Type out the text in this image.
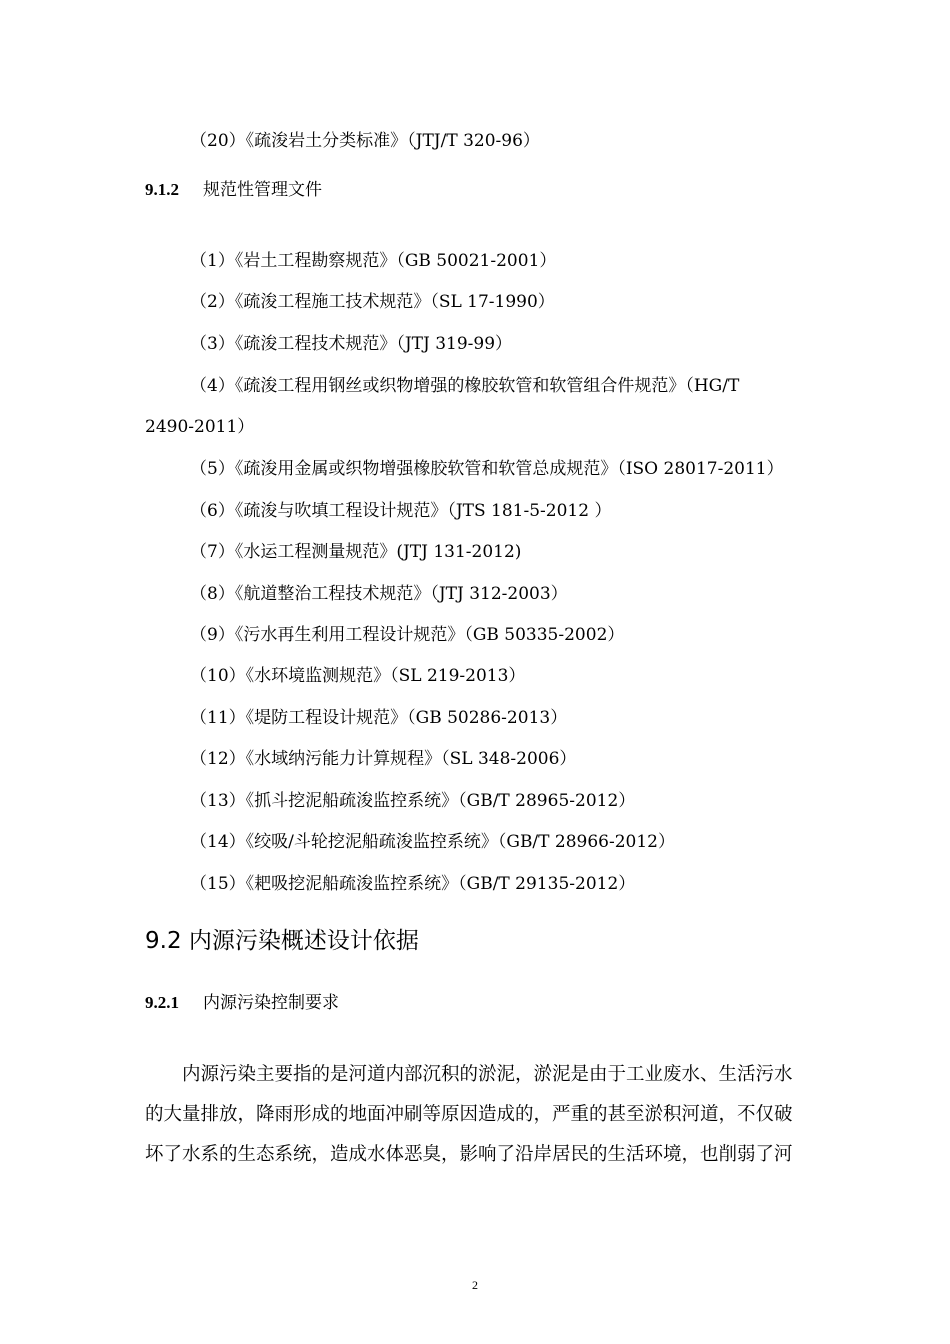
（20）《疏浚岩土分类标准》（JTJ/T 320-96）
9.1.2 规范性管理文件
（1）《岩土工程勘察规范》（GB 50021-2001）
（2）《疏浚工程施工技术规范》（SL 17-1990）
（3）《疏浚工程技术规范》（JTJ 319-99）
（4）《疏浚工程用钢丝或织物增强的橡胶软管和软管组合件规范》（HG/T
2490-2011）
（5）《疏浚用金属或织物增强橡胶软管和软管总成规范》（ISO 28017-2011）
（6）《疏浚与吹填工程设计规范》（JTS 181-5-2012 ）
（7）《水运工程测量规范》(JTJ 131-2012)
（8）《航道整治工程技术规范》（JTJ 312-2003）
（9）《污水再生利用工程设计规范》（GB 50335-2002）
（10）《水环境监测规范》（SL 219-2013）
（11）《堤防工程设计规范》（GB 50286-2013）
（12）《水域纳污能力计算规程》（SL 348-2006）
（13）《抓斗挖泥船疏浚监控系统》（GB/T 28965-2012）
（14）《绞吸/斗轮挖泥船疏浚监控系统》（GB/T 28966-2012）
（15）《耙吸挖泥船疏浚监控系统》（GB/T 29135-2012）
9.2 内源污染概述设计依据
9.2.1 内源污染控制要求
内源污染主要指的是河道内部沉积的淤泥，淤泥是由于工业废水、生活污水
的大量排放，降雨形成的地面冲刷等原因造成的，严重的甚至淤积河道，不仅破
坏了水系的生态系统，造成水体恶臭，影响了沿岸居民的生活环境，也削弱了河
2
